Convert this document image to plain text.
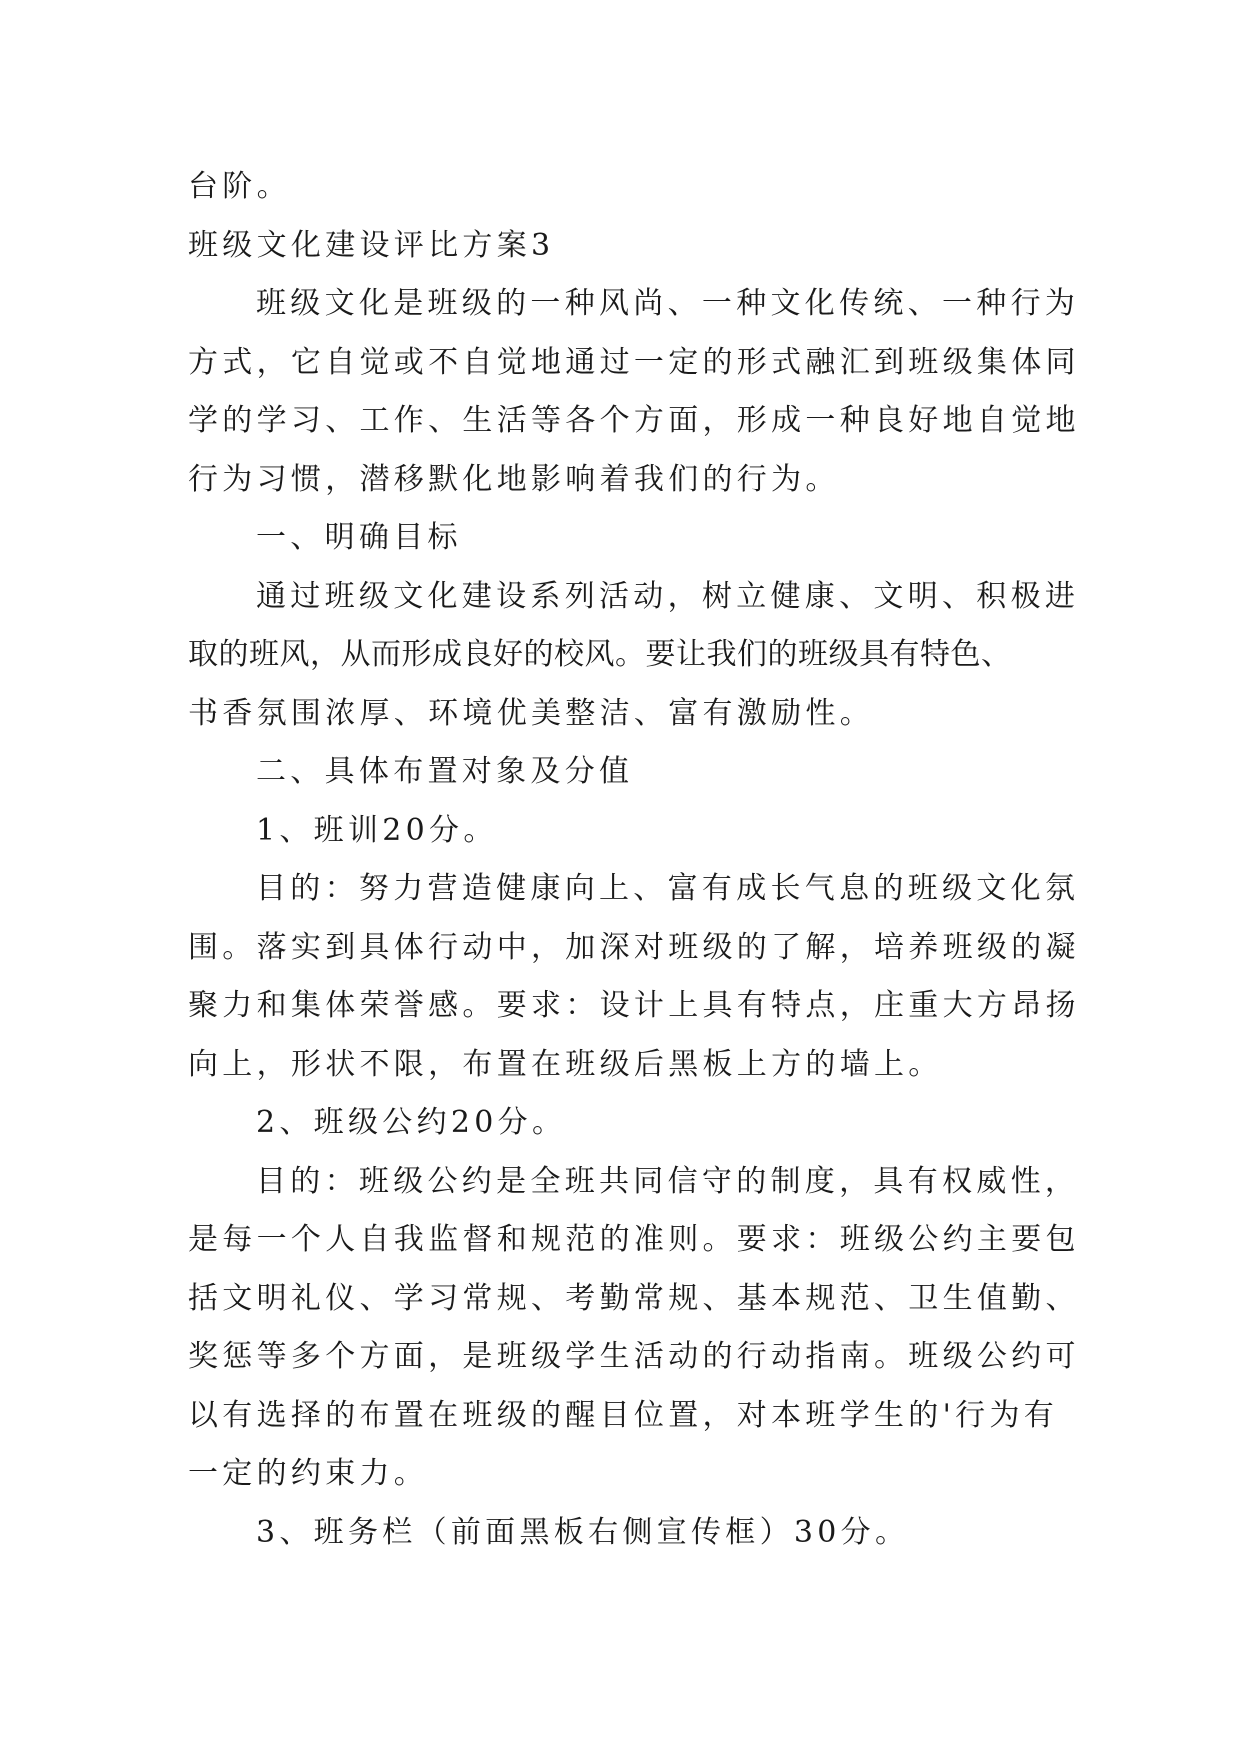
台阶。
班级文化建设评比方案3
班级文化是班级的一种风尚、一种文化传统、一种行为
方式，它自觉或不自觉地通过一定的形式融汇到班级集体同
学的学习、工作、生活等各个方面，形成一种良好地自觉地
行为习惯，潜移默化地影响着我们的行为。
一、明确目标
通过班级文化建设系列活动，树立健康、文明、积极进
取的班风，从而形成良好的校风。要让我们的班级具有特色、
书香氛围浓厚、环境优美整洁、富有激励性。
二、具体布置对象及分值
1、班训20分。
目的：努力营造健康向上、富有成长气息的班级文化氛
围。落实到具体行动中，加深对班级的了解，培养班级的凝
聚力和集体荣誉感。要求：设计上具有特点，庄重大方昂扬
向上，形状不限，布置在班级后黑板上方的墙上。
2、班级公约20分。
目的：班级公约是全班共同信守的制度，具有权威性，
是每一个人自我监督和规范的准则。要求：班级公约主要包
括文明礼仪、学习常规、考勤常规、基本规范、卫生值勤、
奖惩等多个方面，是班级学生活动的行动指南。班级公约可
以有选择的布置在班级的醒目位置，对本班学生的'行为有
一定的约束力。
3、班务栏（前面黑板右侧宣传框）30分。
